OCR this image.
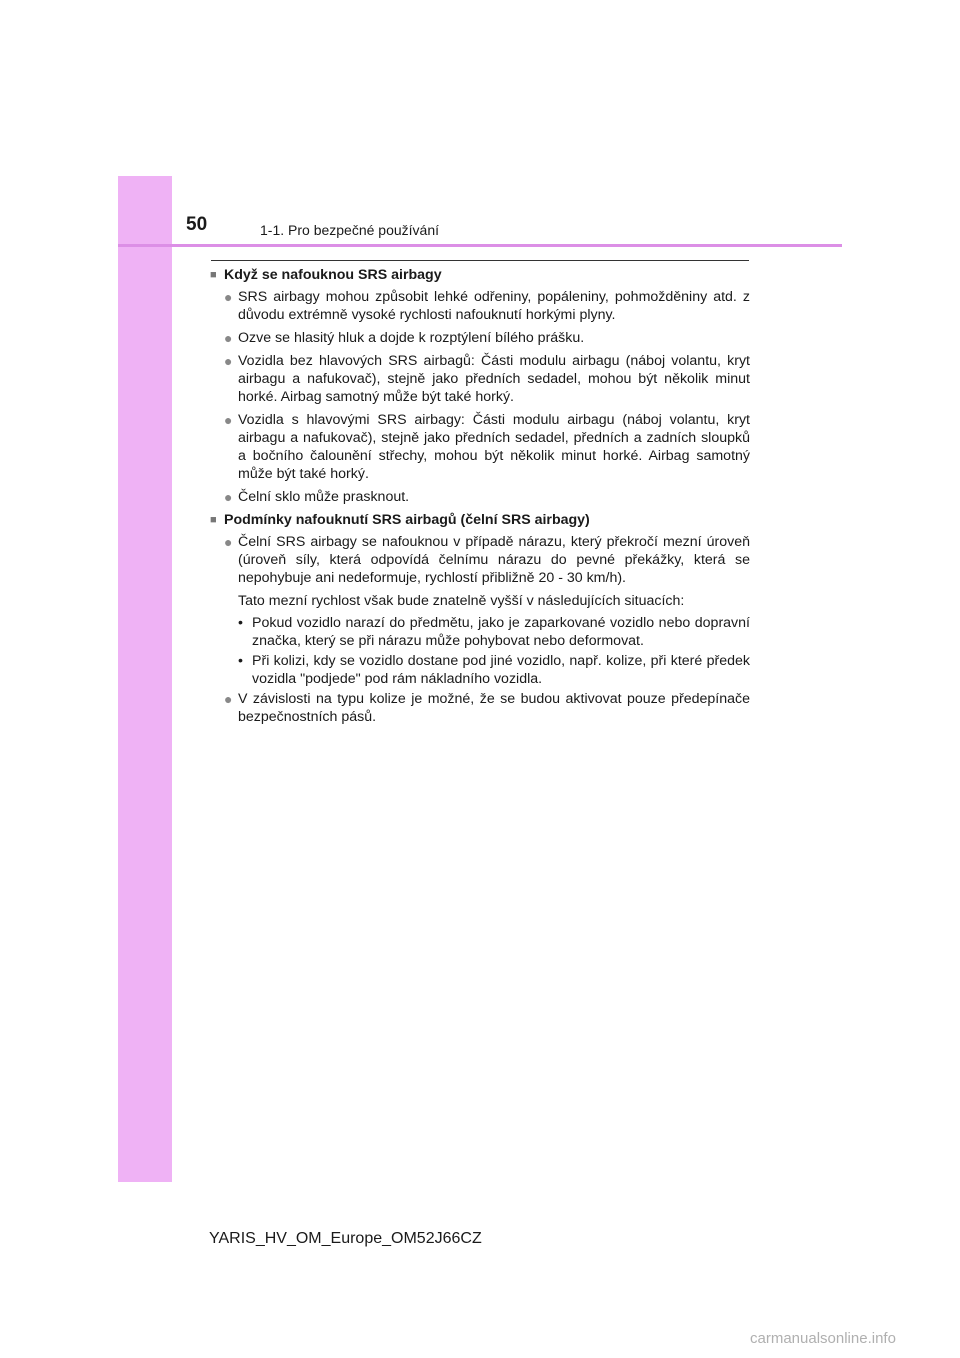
50	1-1. Pro bezpečné používání
■ Když se nafouknou SRS airbagy
● SRS airbagy mohou způsobit lehké odřeniny, popáleniny, pohmožděniny atd. z důvodu extrémně vysoké rychlosti nafouknutí horkými plyny.
● Ozve se hlasitý hluk a dojde k rozptýlení bílého prášku.
● Vozidla bez hlavových SRS airbagů: Části modulu airbagu (náboj volantu, kryt airbagu a nafukovač), stejně jako předních sedadel, mohou být několik minut horké. Airbag samotný může být také horký.
● Vozidla s hlavovými SRS airbagy: Části modulu airbagu (náboj volantu, kryt airbagu a nafukovač), stejně jako předních sedadel, předních a zadních sloupků a bočního čalounění střechy, mohou být několik minut horké. Airbag samotný může být také horký.
● Čelní sklo může prasknout.
■ Podmínky nafouknutí SRS airbagů (čelní SRS airbagy)
● Čelní SRS airbagy se nafouknou v případě nárazu, který překročí mezní úroveň (úroveň síly, která odpovídá čelnímu nárazu do pevné překážky, která se nepohybuje ani nedeformuje, rychlostí přibližně 20 - 30 km/h).
Tato mezní rychlost však bude znatelně vyšší v následujících situacích:
• Pokud vozidlo narazí do předmětu, jako je zaparkované vozidlo nebo dopravní značka, který se při nárazu může pohybovat nebo deformovat.
• Při kolizi, kdy se vozidlo dostane pod jiné vozidlo, např. kolize, při které předek vozidla "podjede" pod rám nákladního vozidla.
● V závislosti na typu kolize je možné, že se budou aktivovat pouze předepínače bezpečnostních pásů.
YARIS_HV_OM_Europe_OM52J66CZ
carmanualsonline.info
